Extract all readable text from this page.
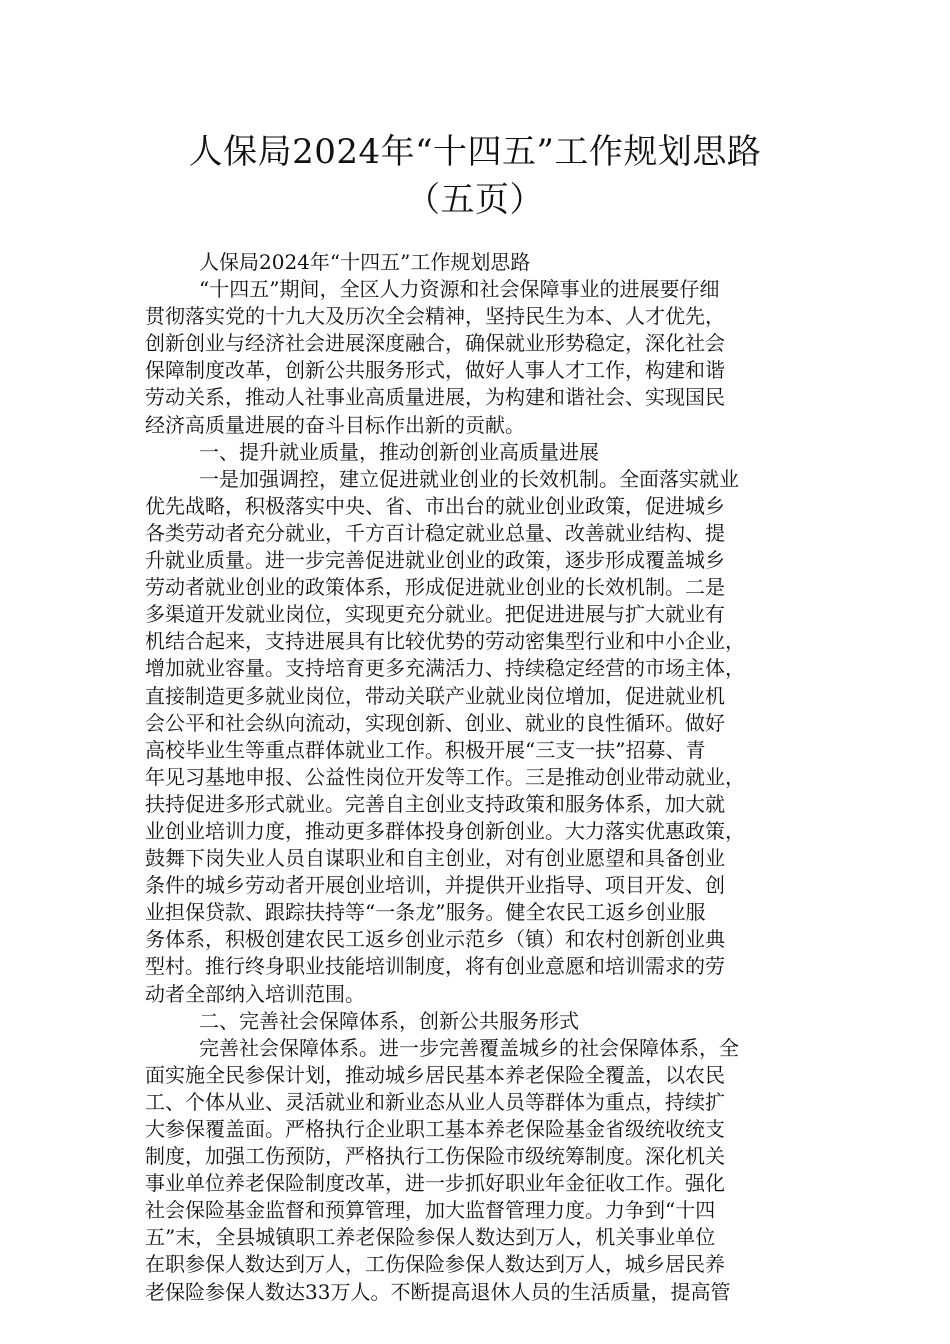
人保局2024年“十四五”工作规划思路
（五页）
人保局2024年“十四五”工作规划思路
“十四五”期间，全区人力资源和社会保障事业的进展要仔细
贯彻落实党的十九大及历次全会精神，坚持民生为本、人才优先，
创新创业与经济社会进展深度融合，确保就业形势稳定，深化社会
保障制度改革，创新公共服务形式，做好人事人才工作，构建和谐
劳动关系，推动人社事业高质量进展，为构建和谐社会、实现国民
经济高质量进展的奋斗目标作出新的贡献。
一、提升就业质量，推动创新创业高质量进展
一是加强调控，建立促进就业创业的长效机制。全面落实就业
优先战略，积极落实中央、省、市出台的就业创业政策，促进城乡
各类劳动者充分就业，千方百计稳定就业总量、改善就业结构、提
升就业质量。进一步完善促进就业创业的政策，逐步形成覆盖城乡
劳动者就业创业的政策体系，形成促进就业创业的长效机制。二是
多渠道开发就业岗位，实现更充分就业。把促进进展与扩大就业有
机结合起来，支持进展具有比较优势的劳动密集型行业和中小企业，
增加就业容量。支持培育更多充满活力、持续稳定经营的市场主体，
直接制造更多就业岗位，带动关联产业就业岗位增加，促进就业机
会公平和社会纵向流动，实现创新、创业、就业的良性循环。做好
高校毕业生等重点群体就业工作。积极开展“三支一扶”招募、青
年见习基地申报、公益性岗位开发等工作。三是推动创业带动就业，
扶持促进多形式就业。完善自主创业支持政策和服务体系，加大就
业创业培训力度，推动更多群体投身创新创业。大力落实优惠政策，
鼓舞下岗失业人员自谋职业和自主创业，对有创业愿望和具备创业
条件的城乡劳动者开展创业培训，并提供开业指导、项目开发、创
业担保贷款、跟踪扶持等“一条龙”服务。健全农民工返乡创业服
务体系，积极创建农民工返乡创业示范乡（镇）和农村创新创业典
型村。推行终身职业技能培训制度，将有创业意愿和培训需求的劳
动者全部纳入培训范围。
二、完善社会保障体系，创新公共服务形式
完善社会保障体系。进一步完善覆盖城乡的社会保障体系，全
面实施全民参保计划，推动城乡居民基本养老保险全覆盖，以农民
工、个体从业、灵活就业和新业态从业人员等群体为重点，持续扩
大参保覆盖面。严格执行企业职工基本养老保险基金省级统收统支
制度，加强工伤预防，严格执行工伤保险市级统筹制度。深化机关
事业单位养老保险制度改革，进一步抓好职业年金征收工作。强化
社会保险基金监督和预算管理，加大监督管理力度。力争到“十四
五”末，全县城镇职工养老保险参保人数达到万人，机关事业单位
在职参保人数达到万人，工伤保险参保人数达到万人，城乡居民养
老保险参保人数达33万人。不断提高退休人员的生活质量，提高管
